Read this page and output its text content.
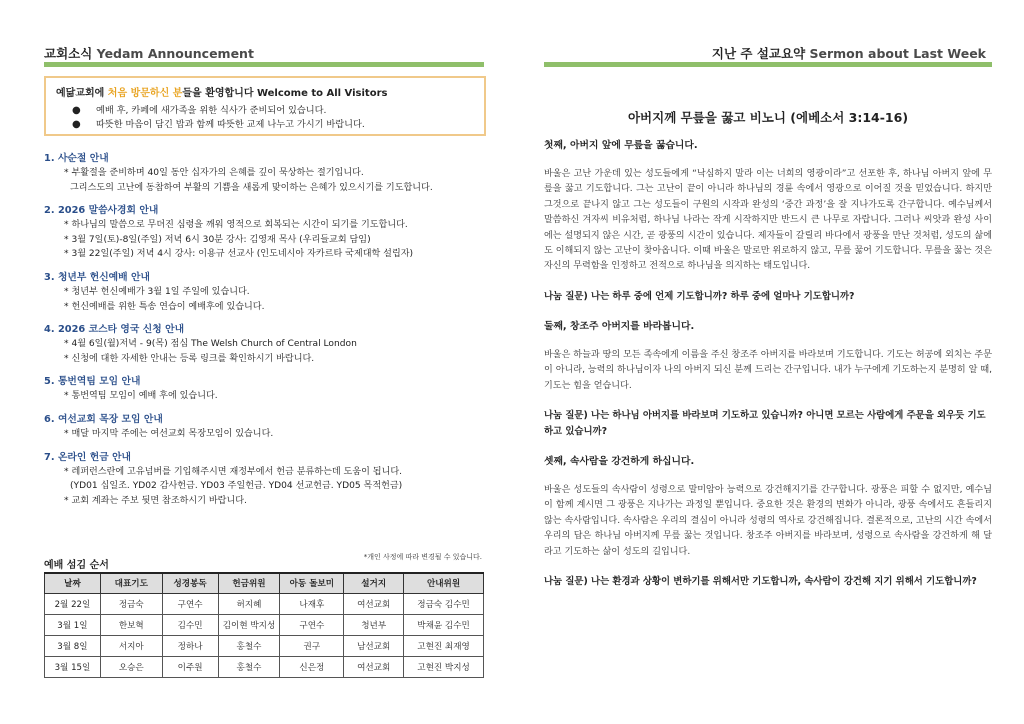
교회소식 Yedam Announcement
예닮교회에 처음 방문하신 분들을 환영합니다 Welcome to All Visitors
● 예배 후, 카페에 새가족을 위한 식사가 준비되어 있습니다.
● 따뜻한 마음이 담긴 밥과 함께 따뜻한 교제 나누고 가시기 바랍니다.
1. 사순절 안내
* 부활절을 준비하며 40일 동안 십자가의 은혜를 깊이 묵상하는 절기입니다.
그리스도의 고난에 동참하여 부활의 기쁨을 새롭게 맞이하는 은혜가 있으시기를 기도합니다.
2. 2026 말씀사경회 안내
* 하나님의 말씀으로 무뎌진 심령을 깨워 영적으로 회복되는 시간이 되기를 기도합니다.
* 3월 7일(토)-8일(주일) 저녁 6시 30분 강사: 김영재 목사 (우리들교회 담임)
* 3월 22일(주일) 저녁 4시 강사: 이용규 선교사 (인도네시아 자카르타 국제대학 설립자)
3. 청년부 헌신예배 안내
* 청년부 헌신예배가 3월 1일 주일에 있습니다.
* 헌신예배를 위한 특송 연습이 예배후에 있습니다.
4. 2026 코스타 영국 신청 안내
* 4월 6일(월)저녁 - 9(목) 점심 The Welsh Church of Central London
* 신청에 대한 자세한 안내는 등록 링크를 확인하시기 바랍니다.
5. 통번역팀 모임 안내
* 통번역팀 모임이 예배 후에 있습니다.
6. 여선교회 목장 모임 안내
* 매달 마지막 주에는 여선교회 목장모임이 있습니다.
7. 온라인 헌금 안내
* 레퍼런스란에 고유넘버를 기입해주시면 재정부에서 헌금 분류하는데 도움이 됩니다.
(YD01 십일조. YD02 감사헌금. YD03 주일헌금. YD04 선교헌금. YD05 목적헌금)
* 교회 계좌는 주보 뒷면 참조하시기 바랍니다.
예배 섬김 순서
*개인 사정에 따라 변경될 수 있습니다.
날짜	대표기도	성경봉독	헌금위원	아동 돌보미	설거지	안내위원
2월 22일	정금숙	구연수	허지혜	나재후	여선교회	정금숙 김수민
3월 1일	한보혁	김수민	김이현 박지성	구연수	청년부	박채윤 김수민
3월 8일	서지아	정하나	홍철수	권구	남선교회	고현진 최재영
3월 15일	오승은	이주원	홍철수	신은정	여선교회	고현진 박지성
지난 주 설교요약 Sermon about Last Week
아버지께 무릎을 꿇고 비노니 (에베소서 3:14-16)
첫째, 아버지 앞에 무릎을 꿇습니다.

바울은 고난 가운데 있는 성도들에게 “낙심하지 말라 이는 너희의 영광이라”고 선포한 후, 하나님 아버지 앞에 무릎을 꿇고 기도합니다. 그는 고난이 끝이 아니라 하나님의 경륜 속에서 영광으로 이어질 것을 믿었습니다. 하지만 그것으로 끝나지 않고 그는 성도들이 구원의 시작과 완성의 ‘중간 과정’을 잘 지나가도록 간구합니다. 예수님께서 말씀하신 겨자씨 비유처럼, 하나님 나라는 작게 시작하지만 반드시 큰 나무로 자랍니다. 그러나 씨앗과 완성 사이에는 설명되지 않은 시간, 곧 광풍의 시간이 있습니다. 제자들이 갈릴리 바다에서 광풍을 만난 것처럼, 성도의 삶에도 이해되지 않는 고난이 찾아옵니다. 이때 바울은 말로만 위로하지 않고, 무릎 꿇어 기도합니다. 무릎을 꿇는 것은 자신의 무력함을 인정하고 전적으로 하나님을 의지하는 태도입니다.

나눔 질문) 나는 하루 중에 언제 기도합니까? 하루 중에 얼마나 기도합니까?
둘째, 창조주 아버지를 바라봅니다.

바울은 하늘과 땅의 모든 족속에게 이름을 주신 창조주 아버지를 바라보며 기도합니다. 기도는 허공에 외치는 주문이 아니라, 능력의 하나님이자 나의 아버지 되신 분께 드리는 간구입니다. 내가 누구에게 기도하는지 분명히 알 때, 기도는 힘을 얻습니다.

나눔 질문) 나는 하나님 아버지를 바라보며 기도하고 있습니까? 아니면 모르는 사람에게 주문을 외우듯 기도하고 있습니까?
셋째, 속사람을 강건하게 하십니다.

바울은 성도들의 속사람이 성령으로 말미암아 능력으로 강건해지기를 간구합니다. 광풍은 피할 수 없지만, 예수님이 함께 계시면 그 광풍은 지나가는 과정일 뿐입니다. 중요한 것은 환경의 변화가 아니라, 광풍 속에서도 흔들리지 않는 속사람입니다. 속사람은 우리의 결심이 아니라 성령의 역사로 강건해집니다. 결론적으로, 고난의 시간 속에서 우리의 답은 하나님 아버지께 무릎 꿇는 것입니다. 창조주 아버지를 바라보며, 성령으로 속사람을 강건하게 해 달라고 기도하는 삶이 성도의 길입니다.

나눔 질문) 나는 환경과 상황이 변하기를 위해서만 기도합니까, 속사람이 강건해 지기 위해서 기도합니까?
